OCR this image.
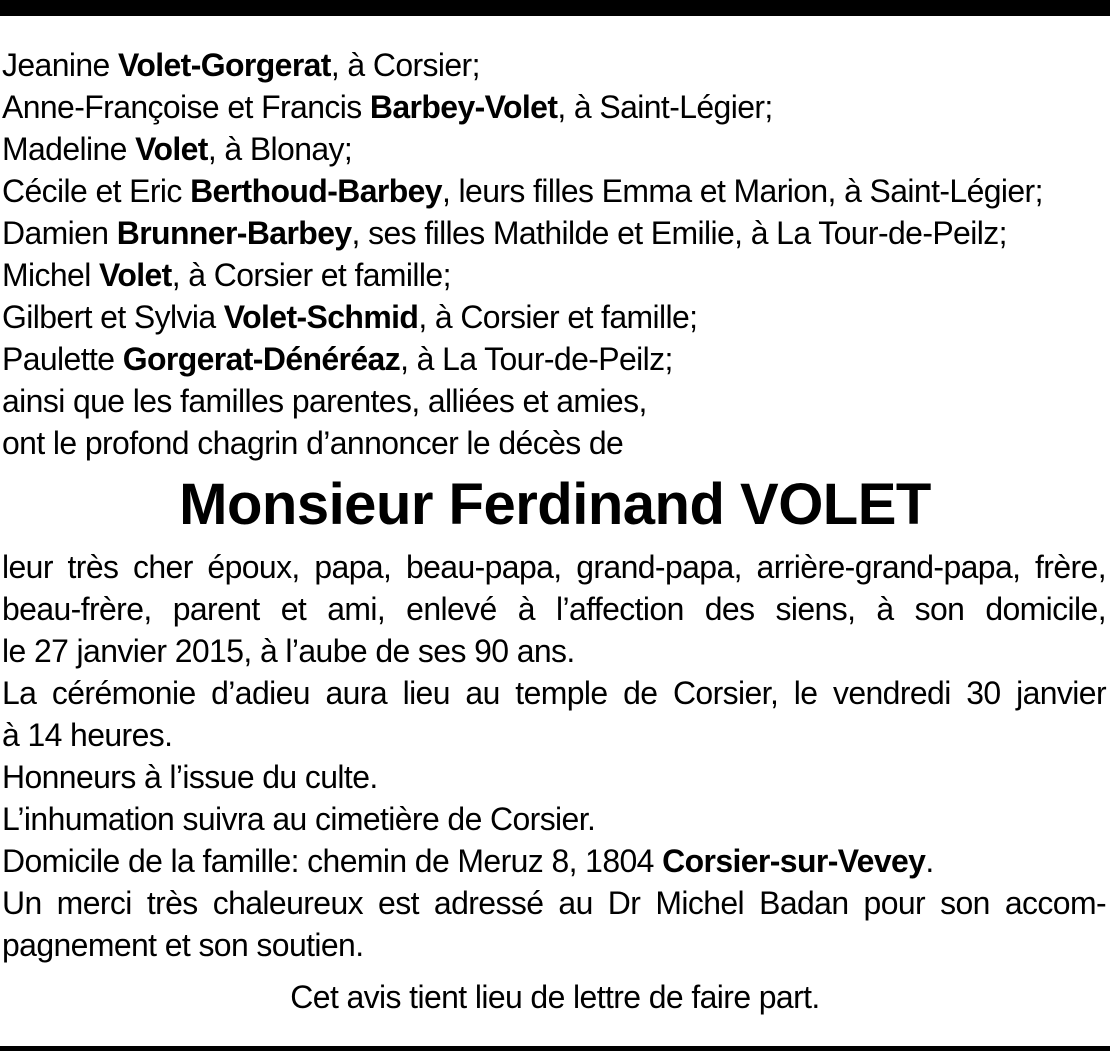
Jeanine Volet-Gorgerat, à Corsier;
Anne-Françoise et Francis Barbey-Volet, à Saint-Légier;
Madeline Volet, à Blonay;
Cécile et Eric Berthoud-Barbey, leurs filles Emma et Marion, à Saint-Légier;
Damien Brunner-Barbey, ses filles Mathilde et Emilie, à La Tour-de-Peilz;
Michel Volet, à Corsier et famille;
Gilbert et Sylvia Volet-Schmid, à Corsier et famille;
Paulette Gorgerat-Dénéréaz, à La Tour-de-Peilz;
ainsi que les familles parentes, alliées et amies,
ont le profond chagrin d’annoncer le décès de
Monsieur Ferdinand VOLET
leur très cher époux, papa, beau-papa, grand-papa, arrière-grand-papa, frère,
beau-frère, parent et ami, enlevé à l’affection des siens, à son domicile,
le 27 janvier 2015, à l’aube de ses 90 ans.
La cérémonie d’adieu aura lieu au temple de Corsier, le vendredi 30 janvier
à 14 heures.
Honneurs à l’issue du culte.
L’inhumation suivra au cimetière de Corsier.
Domicile de la famille: chemin de Meruz 8, 1804 Corsier-sur-Vevey.
Un merci très chaleureux est adressé au Dr Michel Badan pour son accom-
pagnement et son soutien.
Cet avis tient lieu de lettre de faire part.
